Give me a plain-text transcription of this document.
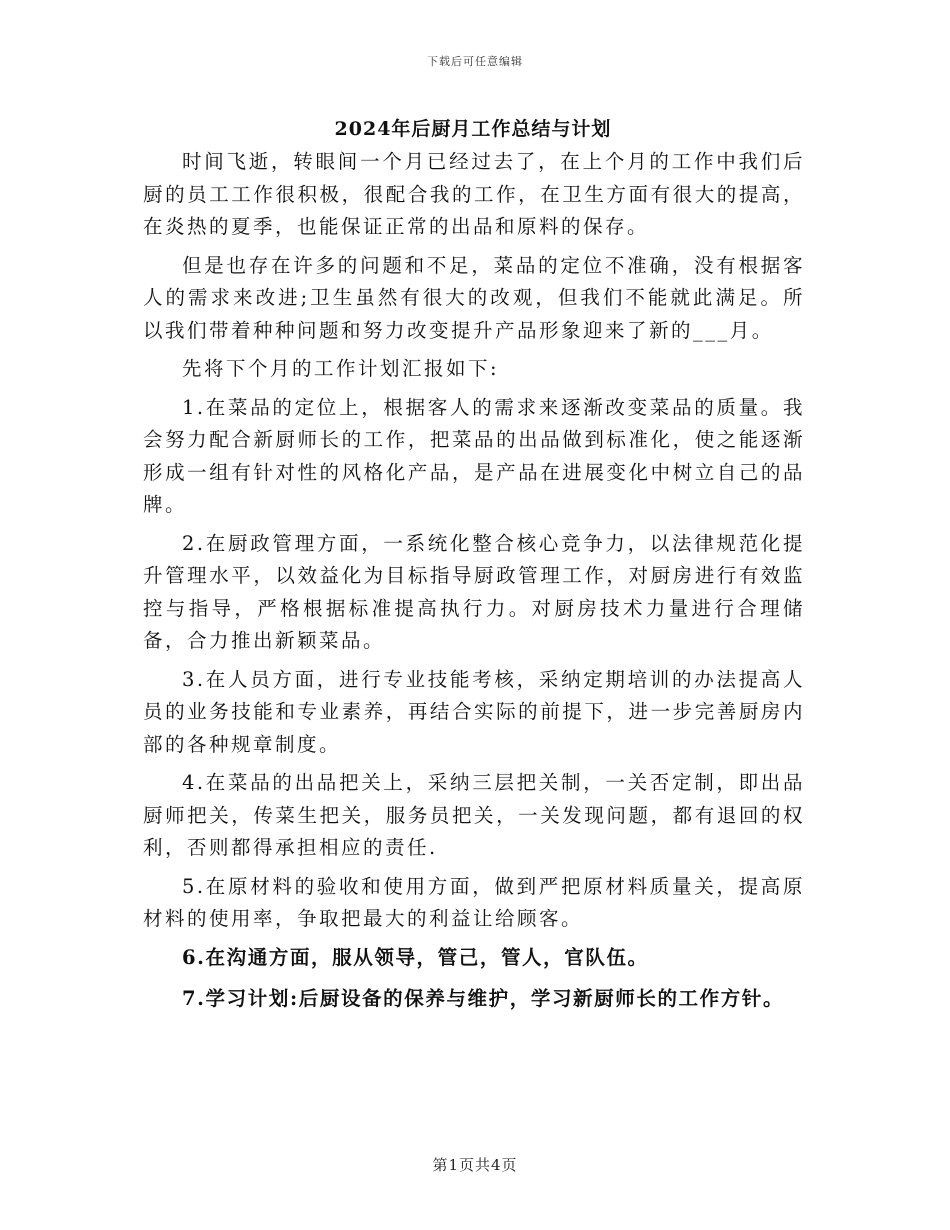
下载后可任意编辑
2024年后厨月工作总结与计划

时间飞逝，转眼间一个月已经过去了，在上个月的工作中我们后厨的员工工作很积极，很配合我的工作，在卫生方面有很大的提高，在炎热的夏季，也能保证正常的出品和原料的保存。

但是也存在许多的问题和不足，菜品的定位不准确，没有根据客人的需求来改进;卫生虽然有很大的改观，但我们不能就此满足。所以我们带着种种问题和努力改变提升产品形象迎来了新的___月。

先将下个月的工作计划汇报如下:

1.在菜品的定位上，根据客人的需求来逐渐改变菜品的质量。我会努力配合新厨师长的工作，把菜品的出品做到标准化，使之能逐渐形成一组有针对性的风格化产品，是产品在进展变化中树立自己的品牌。

2.在厨政管理方面，一系统化整合核心竞争力，以法律规范化提升管理水平，以效益化为目标指导厨政管理工作，对厨房进行有效监控与指导，严格根据标准提高执行力。对厨房技术力量进行合理储备，合力推出新颖菜品。

3.在人员方面，进行专业技能考核，采纳定期培训的办法提高人员的业务技能和专业素养，再结合实际的前提下，进一步完善厨房内部的各种规章制度。

4.在菜品的出品把关上，采纳三层把关制，一关否定制，即出品厨师把关，传菜生把关，服务员把关，一关发现问题，都有退回的权利，否则都得承担相应的责任.

5.在原材料的验收和使用方面，做到严把原材料质量关，提高原材料的使用率，争取把最大的利益让给顾客。

6.在沟通方面，服从领导，管己，管人，官队伍。

7.学习计划:后厨设备的保养与维护，学习新厨师长的工作方针。

第1页共4页
